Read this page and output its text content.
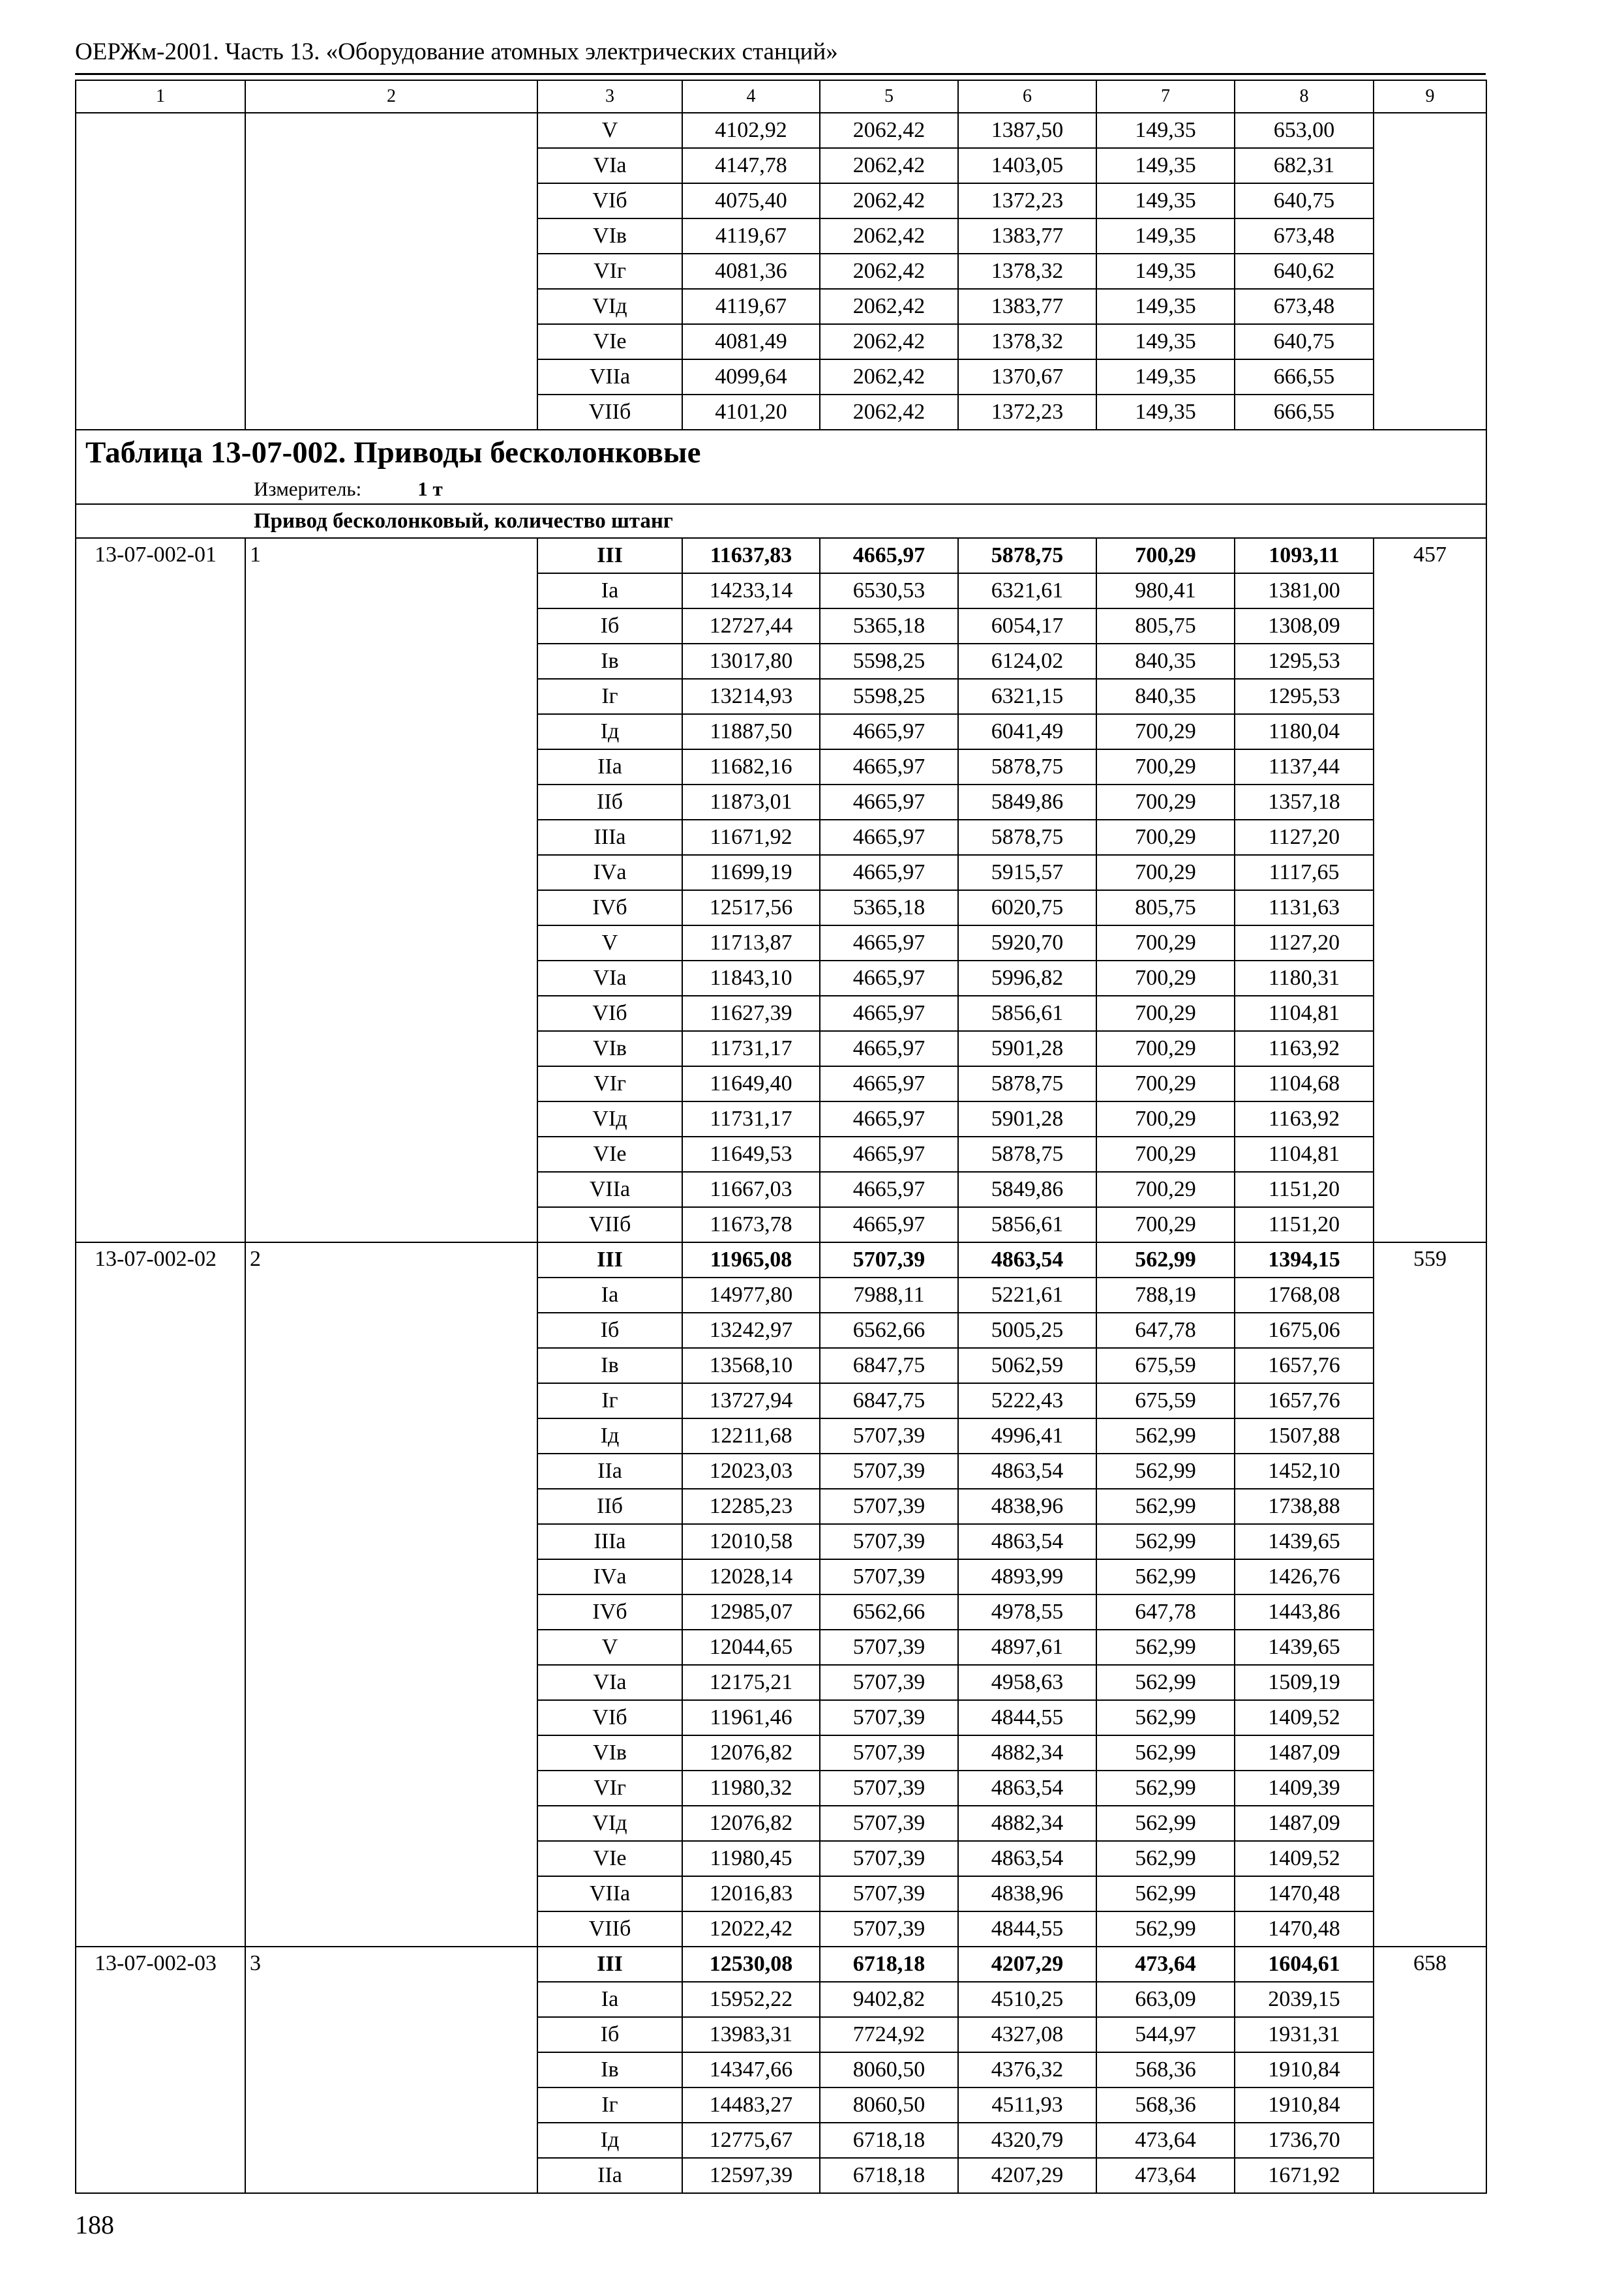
ОЕРЖм-2001. Часть 13. «Оборудование атомных электрических станций»
1	2	3	4	5	6	7	8	9
		V	4102,92	2062,42	1387,50	149,35	653,00	
		VIа	4147,78	2062,42	1403,05	149,35	682,31	
		VIб	4075,40	2062,42	1372,23	149,35	640,75	
		VIв	4119,67	2062,42	1383,77	149,35	673,48	
		VIг	4081,36	2062,42	1378,32	149,35	640,62	
		VIд	4119,67	2062,42	1383,77	149,35	673,48	
		VIе	4081,49	2062,42	1378,32	149,35	640,75	
		VIIа	4099,64	2062,42	1370,67	149,35	666,55	
		VIIб	4101,20	2062,42	1372,23	149,35	666,55	
Таблица 13-07-002. Приводы бесколонковые								
Измеритель: 1 т								
Привод бесколонковый, количество штанг								
13-07-002-01	1	III	11637,83	4665,97	5878,75	700,29	1093,11	457
		Iа	14233,14	6530,53	6321,61	980,41	1381,00	
		Iб	12727,44	5365,18	6054,17	805,75	1308,09	
		Iв	13017,80	5598,25	6124,02	840,35	1295,53	
		Iг	13214,93	5598,25	6321,15	840,35	1295,53	
		Iд	11887,50	4665,97	6041,49	700,29	1180,04	
		IIа	11682,16	4665,97	5878,75	700,29	1137,44	
		IIб	11873,01	4665,97	5849,86	700,29	1357,18	
		IIIа	11671,92	4665,97	5878,75	700,29	1127,20	
		IVа	11699,19	4665,97	5915,57	700,29	1117,65	
		IVб	12517,56	5365,18	6020,75	805,75	1131,63	
		V	11713,87	4665,97	5920,70	700,29	1127,20	
		VIа	11843,10	4665,97	5996,82	700,29	1180,31	
		VIб	11627,39	4665,97	5856,61	700,29	1104,81	
		VIв	11731,17	4665,97	5901,28	700,29	1163,92	
		VIг	11649,40	4665,97	5878,75	700,29	1104,68	
		VIд	11731,17	4665,97	5901,28	700,29	1163,92	
		VIе	11649,53	4665,97	5878,75	700,29	1104,81	
		VIIа	11667,03	4665,97	5849,86	700,29	1151,20	
		VIIб	11673,78	4665,97	5856,61	700,29	1151,20	
13-07-002-02	2	III	11965,08	5707,39	4863,54	562,99	1394,15	559
		Iа	14977,80	7988,11	5221,61	788,19	1768,08	
		Iб	13242,97	6562,66	5005,25	647,78	1675,06	
		Iв	13568,10	6847,75	5062,59	675,59	1657,76	
		Iг	13727,94	6847,75	5222,43	675,59	1657,76	
		Iд	12211,68	5707,39	4996,41	562,99	1507,88	
		IIа	12023,03	5707,39	4863,54	562,99	1452,10	
		IIб	12285,23	5707,39	4838,96	562,99	1738,88	
		IIIа	12010,58	5707,39	4863,54	562,99	1439,65	
		IVа	12028,14	5707,39	4893,99	562,99	1426,76	
		IVб	12985,07	6562,66	4978,55	647,78	1443,86	
		V	12044,65	5707,39	4897,61	562,99	1439,65	
		VIа	12175,21	5707,39	4958,63	562,99	1509,19	
		VIб	11961,46	5707,39	4844,55	562,99	1409,52	
		VIв	12076,82	5707,39	4882,34	562,99	1487,09	
		VIг	11980,32	5707,39	4863,54	562,99	1409,39	
		VIд	12076,82	5707,39	4882,34	562,99	1487,09	
		VIе	11980,45	5707,39	4863,54	562,99	1409,52	
		VIIа	12016,83	5707,39	4838,96	562,99	1470,48	
		VIIб	12022,42	5707,39	4844,55	562,99	1470,48	
13-07-002-03	3	III	12530,08	6718,18	4207,29	473,64	1604,61	658
		Iа	15952,22	9402,82	4510,25	663,09	2039,15	
		Iб	13983,31	7724,92	4327,08	544,97	1931,31	
		Iв	14347,66	8060,50	4376,32	568,36	1910,84	
		Iг	14483,27	8060,50	4511,93	568,36	1910,84	
		Iд	12775,67	6718,18	4320,79	473,64	1736,70	
		IIа	12597,39	6718,18	4207,29	473,64	1671,92	
188
